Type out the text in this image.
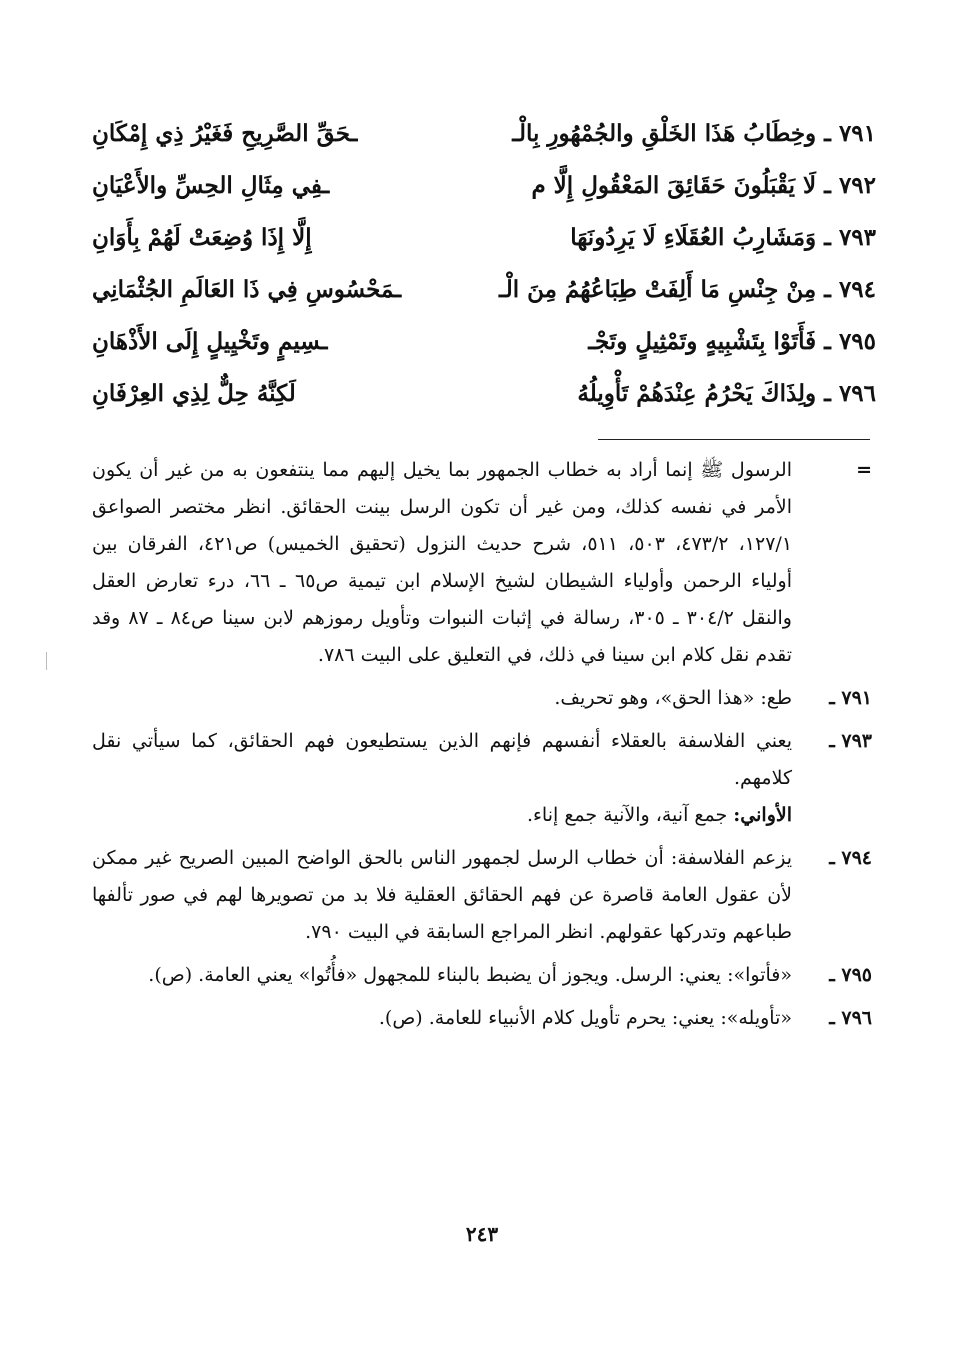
٧٩١ ـ وخِطَابُ هَذَا الخَلْقِ والجُمْهُورِ بِالْـ
ـحَقِّ الصَّرِيحِ فَغَيْرُ ذِي إِمْكَانِ
٧٩٢ ـ لَا يَقْبَلُونَ حَقَائِقَ المَعْقُولِ إِلَّا م
ـفِي مِثَالِ الحِسِّ والأَعْيَانِ
٧٩٣ ـ وَمَشَارِبُ العُقَلَاءِ لَا يَرِدُونَهَا
إِلَّا إِذَا وُضِعَتْ لَهُمْ بِأَوَانِ
٧٩٤ ـ مِنْ جِنْسِ مَا أَلِفَتْ طِبَاعُهُمُ مِنَ الْـ
ـمَحْسُوسِ فِي ذَا العَالَمِ الجُثْمَانِي
٧٩٥ ـ فَأَتَوْا بِتَشْبِيهٍ وتَمْثِيلٍ وتَجْـ
ـسِيمٍ وتَخْيِيلٍ إِلَى الأَذْهَانِ
٧٩٦ ـ ولِذَاكَ يَحْرُمُ عِنْدَهُمْ تَأْوِيلُهُ
لَكِنَّهُ حِلٌّ لِذِي العِرْفَانِ
=
الرسول ﷺ إنما أراد به خطاب الجمهور بما يخيل إليهم مما ينتفعون به من غير أن يكون الأمر في نفسه كذلك، ومن غير أن تكون الرسل بينت الحقائق. انظر مختصر الصواعق ١٢٧/١، ٤٧٣/٢، ٥٠٣، ٥١١، شرح حديث النزول (تحقيق الخميس) ص٤٢١، الفرقان بين أولياء الرحمن وأولياء الشيطان لشيخ الإسلام ابن تيمية ص٦٥ ـ ٦٦، درء تعارض العقل والنقل ٣٠٤/٢ ـ ٣٠٥، رسالة في إثبات النبوات وتأويل رموزهم لابن سينا ص٨٤ ـ ٨٧ وقد تقدم نقل كلام ابن سينا في ذلك، في التعليق على البيت ٧٨٦.
٧٩١ ـ
طع: «هذا الحق»، وهو تحريف.
٧٩٣ ـ
يعني الفلاسفة بالعقلاء أنفسهم فإنهم الذين يستطيعون فهم الحقائق، كما سيأتي نقل كلامهم.
الأواني: جمع آنية، والآنية جمع إناء.
٧٩٤ ـ
يزعم الفلاسفة: أن خطاب الرسل لجمهور الناس بالحق الواضح المبين الصريح غير ممكن لأن عقول العامة قاصرة عن فهم الحقائق العقلية فلا بد من تصويرها لهم في صور تألفها طباعهم وتدركها عقولهم. انظر المراجع السابقة في البيت ٧٩٠.
٧٩٥ ـ
«فأتوا»: يعني: الرسل. ويجوز أن يضبط بالبناء للمجهول «فأُتُوا» يعني العامة. (ص).
٧٩٦ ـ
«تأويله»: يعني: يحرم تأويل كلام الأنبياء للعامة. (ص).
٢٤٣
